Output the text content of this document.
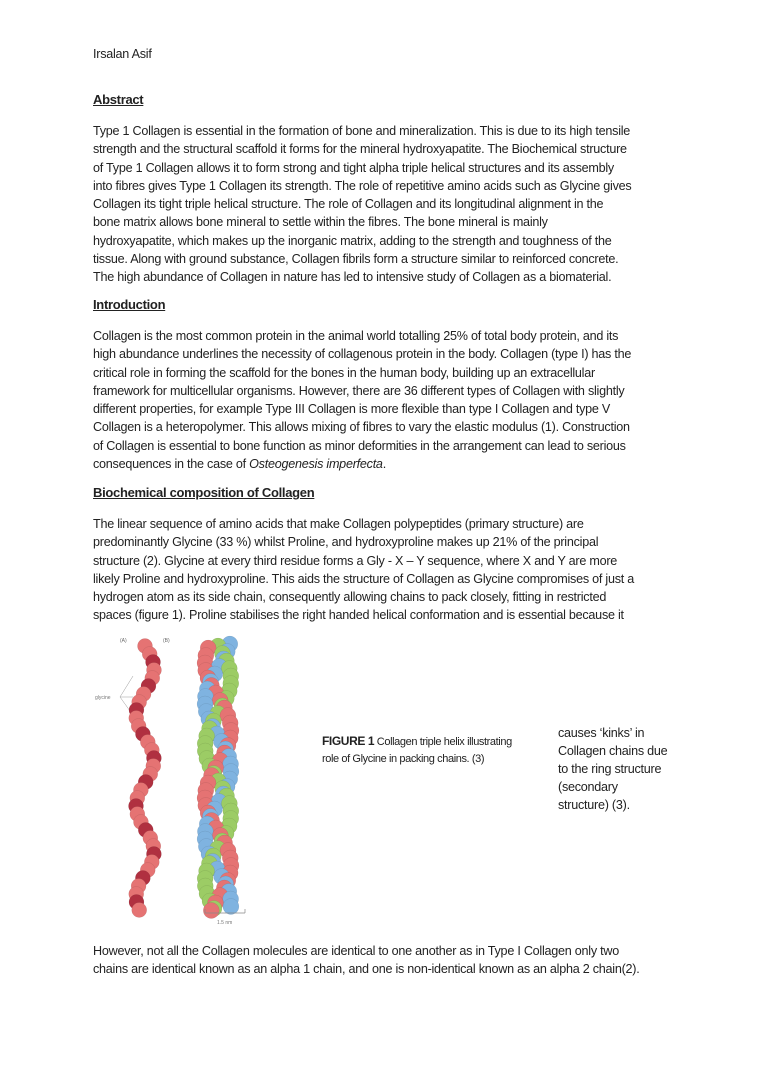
Irsalan Asif
Abstract
Type 1 Collagen is essential in the formation of bone and mineralization. This is due to its high tensile
strength and the structural scaffold it forms for the mineral hydroxyapatite. The Biochemical structure
of Type 1 Collagen allows it to form strong and tight alpha triple helical structures and its assembly
into fibres gives Type 1 Collagen its strength. The role of repetitive amino acids such as Glycine gives
Collagen its tight triple helical structure. The role of Collagen and its longitudinal alignment in the
bone matrix allows bone mineral to settle within the fibres. The bone mineral is mainly
hydroxyapatite, which makes up the inorganic matrix, adding to the strength and toughness of the
tissue. Along with ground substance, Collagen fibrils form a structure similar to reinforced concrete.
The high abundance of Collagen in nature has led to intensive study of Collagen as a biomaterial.
Introduction
Collagen is the most common protein in the animal world totalling 25% of total body protein, and its
high abundance underlines the necessity of collagenous protein in the body. Collagen (type I) has the
critical role in forming the scaffold for the bones in the human body, building up an extracellular
framework for multicellular organisms. However, there are 36 different types of Collagen with slightly
different properties, for example Type III Collagen is more flexible than type I Collagen and type V
Collagen is a heteropolymer. This allows mixing of fibres to vary the elastic modulus (1). Construction
of Collagen is essential to bone function as minor deformities in the arrangement can lead to serious
consequences in the case of Osteogenesis imperfecta.
Biochemical composition of Collagen
The linear sequence of amino acids that make Collagen polypeptides (primary structure) are
predominantly Glycine (33 %) whilst Proline, and hydroxyproline makes up 21% of the principal
structure (2). Glycine at every third residue forms a Gly - X – Y sequence, where X and Y are more
likely Proline and hydroxyproline. This aids the structure of Collagen as Glycine compromises of just a
hydrogen atom as its side chain, consequently allowing chains to pack closely, fitting in restricted
spaces (figure 1). Proline stabilises the right handed helical conformation and is essential because it
(A)	(B)
glycine
1.5 nm
FIGURE 1 Collagen triple helix illustrating role of Glycine in packing chains. (3)
causes ‘kinks’ in
Collagen chains due
to the ring structure
(secondary
structure) (3).
However, not all the Collagen molecules are identical to one another as in Type I Collagen only two
chains are identical known as an alpha 1 chain, and one is non-identical known as an alpha 2 chain(2).
